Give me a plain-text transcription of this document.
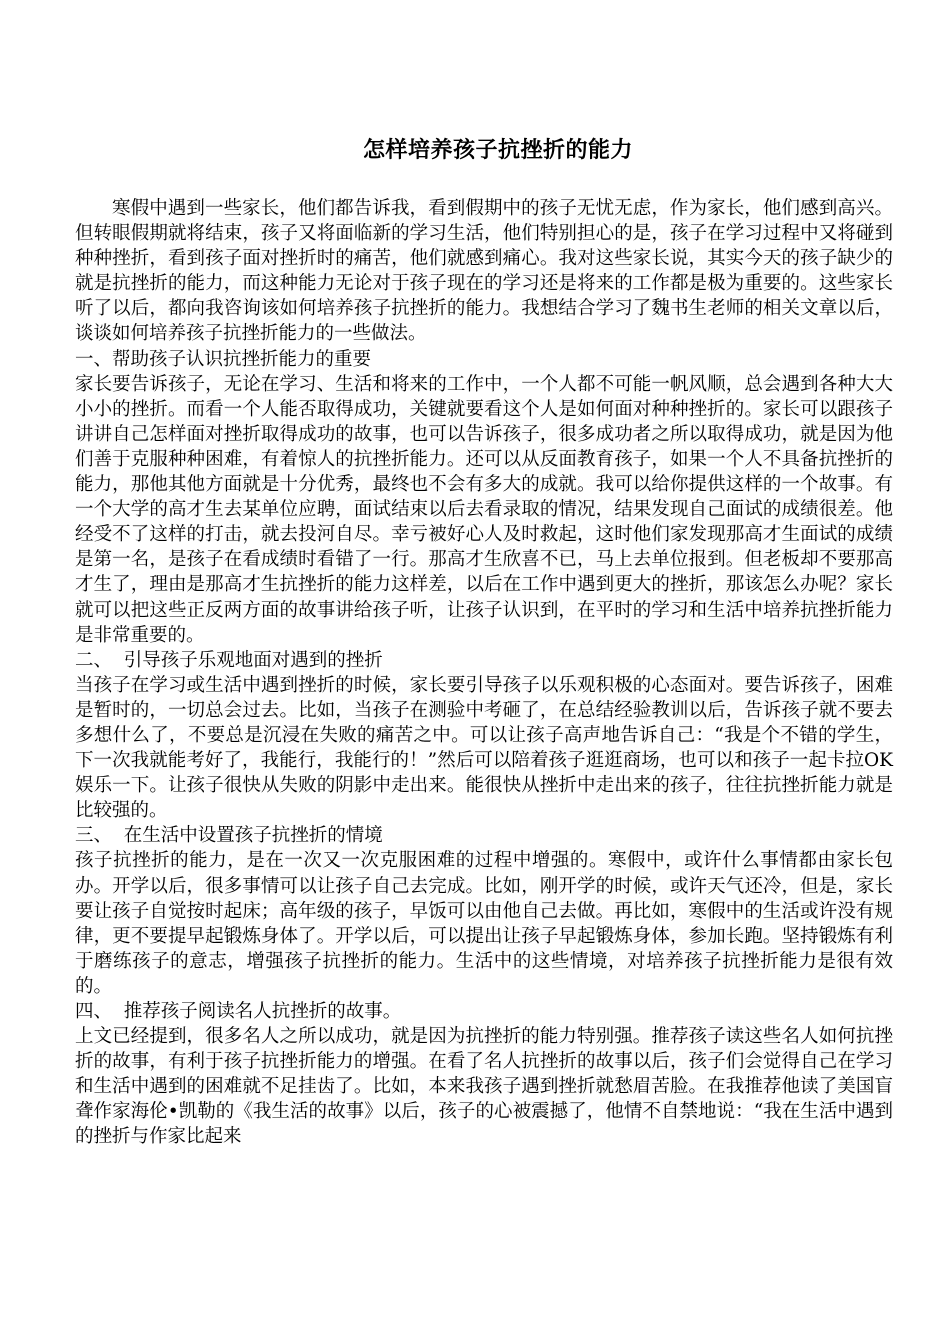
怎样培养孩子抗挫折的能力

寒假中遇到一些家长，他们都告诉我，看到假期中的孩子无忧无虑，作为家长，他们感到高兴。但转眼假期就将结束，孩子又将面临新的学习生活，他们特别担心的是，孩子在学习过程中又将碰到种种挫折，看到孩子面对挫折时的痛苦，他们就感到痛心。我对这些家长说，其实今天的孩子缺少的就是抗挫折的能力，而这种能力无论对于孩子现在的学习还是将来的工作都是极为重要的。这些家长听了以后，都向我咨询该如何培养孩子抗挫折的能力。我想结合学习了魏书生老师的相关文章以后，谈谈如何培养孩子抗挫折能力的一些做法。

一、帮助孩子认识抗挫折能力的重要

家长要告诉孩子，无论在学习、生活和将来的工作中，一个人都不可能一帆风顺，总会遇到各种大大小小的挫折。而看一个人能否取得成功，关键就要看这个人是如何面对种种挫折的。家长可以跟孩子讲讲自己怎样面对挫折取得成功的故事，也可以告诉孩子，很多成功者之所以取得成功，就是因为他们善于克服种种困难，有着惊人的抗挫折能力。还可以从反面教育孩子，如果一个人不具备抗挫折的能力，那他其他方面就是十分优秀，最终也不会有多大的成就。我可以给你提供这样的一个故事。有一个大学的高才生去某单位应聘，面试结束以后去看录取的情况，结果发现自己面试的成绩很差。他经受不了这样的打击，就去投河自尽。幸亏被好心人及时救起，这时他们家发现那高才生面试的成绩是第一名，是孩子在看成绩时看错了一行。那高才生欣喜不已，马上去单位报到。但老板却不要那高才生了，理由是那高才生抗挫折的能力这样差，以后在工作中遇到更大的挫折，那该怎么办呢？家长就可以把这些正反两方面的故事讲给孩子听，让孩子认识到，在平时的学习和生活中培养抗挫折能力是非常重要的。

二、  引导孩子乐观地面对遇到的挫折

当孩子在学习或生活中遇到挫折的时候，家长要引导孩子以乐观积极的心态面对。要告诉孩子，困难是暂时的，一切总会过去。比如，当孩子在测验中考砸了，在总结经验教训以后，告诉孩子就不要去多想什么了，不要总是沉浸在失败的痛苦之中。可以让孩子高声地告诉自己：“我是个不错的学生，下一次我就能考好了，我能行，我能行的！”然后可以陪着孩子逛逛商场，也可以和孩子一起卡拉OK娱乐一下。让孩子很快从失败的阴影中走出来。能很快从挫折中走出来的孩子，往往抗挫折能力就是比较强的。

三、  在生活中设置孩子抗挫折的情境

孩子抗挫折的能力，是在一次又一次克服困难的过程中增强的。寒假中，或许什么事情都由家长包办。开学以后，很多事情可以让孩子自己去完成。比如，刚开学的时候，或许天气还冷，但是，家长要让孩子自觉按时起床；高年级的孩子，早饭可以由他自己去做。再比如，寒假中的生活或许没有规律，更不要提早起锻炼身体了。开学以后，可以提出让孩子早起锻炼身体，参加长跑。坚持锻炼有利于磨练孩子的意志，增强孩子抗挫折的能力。生活中的这些情境，对培养孩子抗挫折能力是很有效的。

四、  推荐孩子阅读名人抗挫折的故事。

上文已经提到，很多名人之所以成功，就是因为抗挫折的能力特别强。推荐孩子读这些名人如何抗挫折的故事，有利于孩子抗挫折能力的增强。在看了名人抗挫折的故事以后，孩子们会觉得自己在学习和生活中遇到的困难就不足挂齿了。比如，本来我孩子遇到挫折就愁眉苦脸。在我推荐他读了美国盲聋作家海伦•凯勒的《我生活的故事》以后，孩子的心被震撼了，他情不自禁地说：“我在生活中遇到的挫折与作家比起来
